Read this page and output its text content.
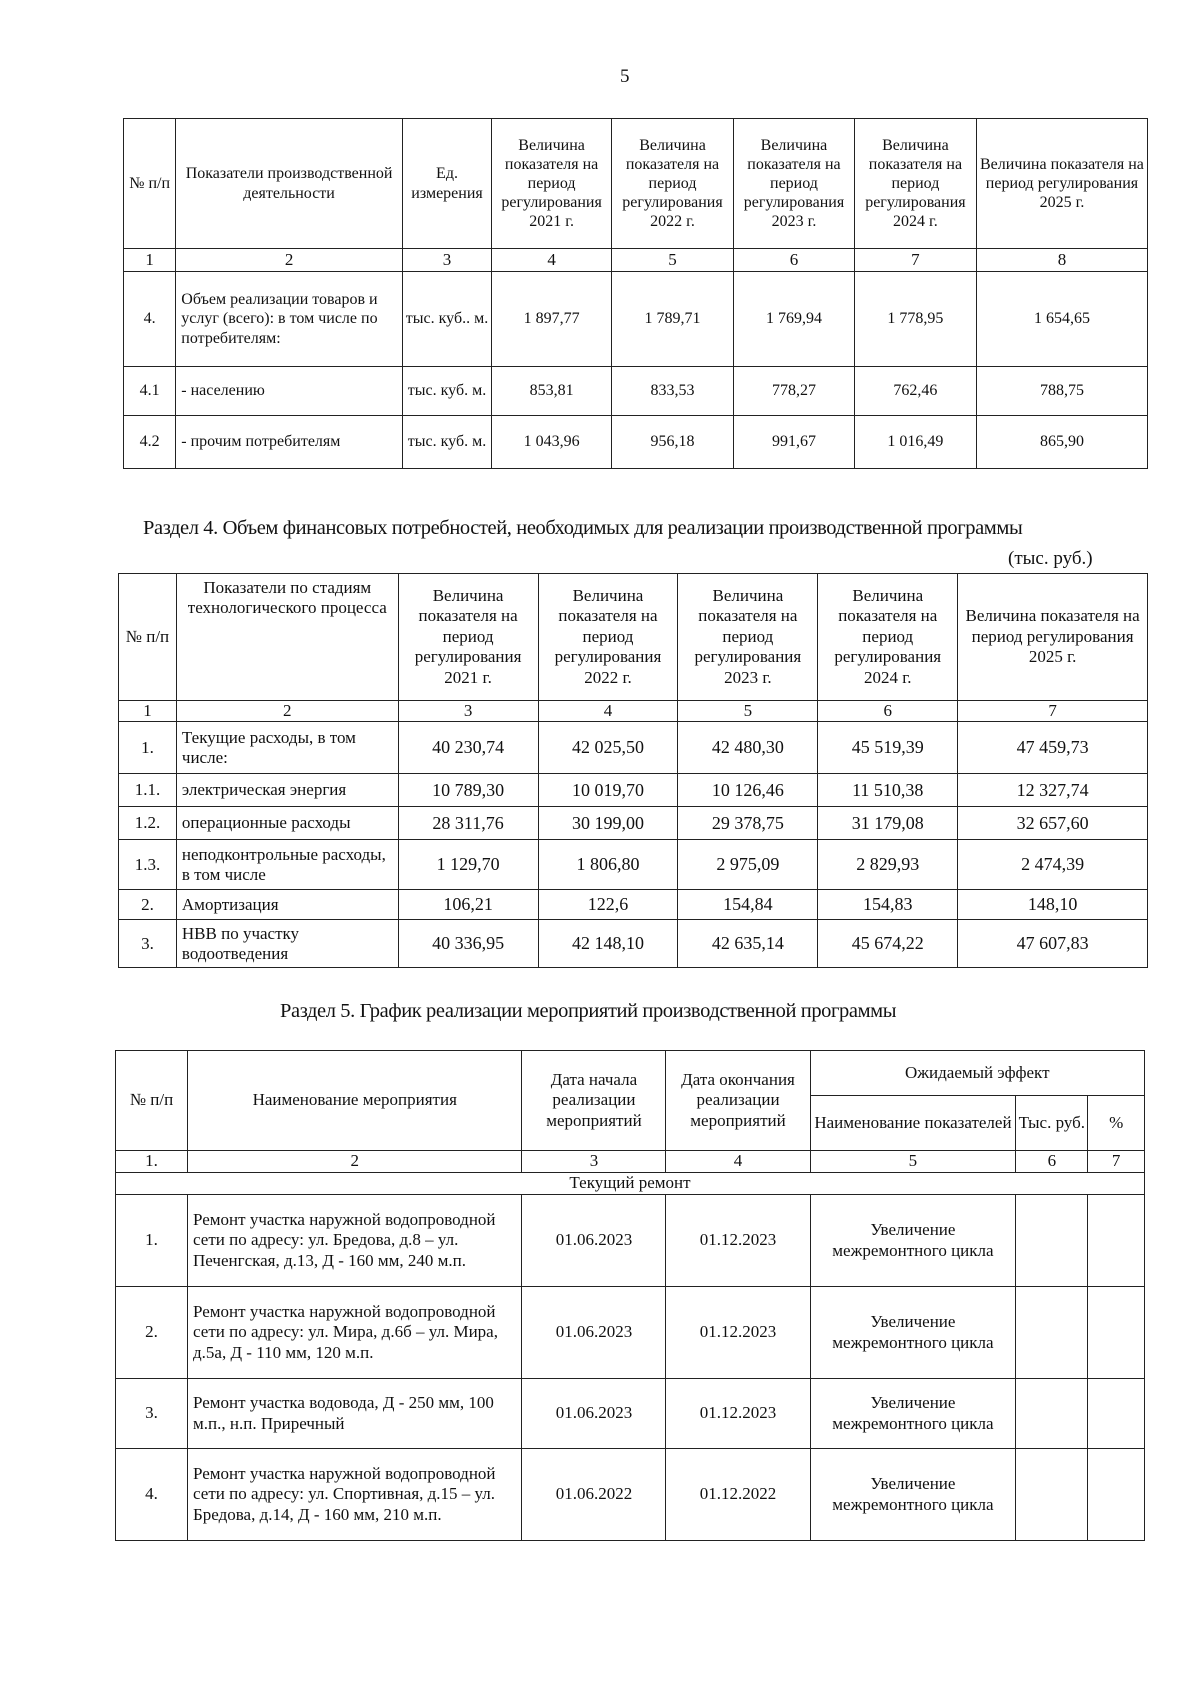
5
№ п/п	Показатели производственной деятельности	Ед. измерения	Величина показателя на период регулирования 2021 г.	Величина показателя на период регулирования 2022 г.	Величина показателя на период регулирования 2023 г.	Величина показателя на период регулирования 2024 г.	Величина показателя на период регулирования 2025 г.
1	2	3	4	5	6	7	8
4.	Объем реализации товаров и услуг (всего): в том числе по потребителям:	тыс. куб.. м.	1 897,77	1 789,71	1 769,94	1 778,95	1 654,65
4.1	- населению	тыс. куб. м.	853,81	833,53	778,27	762,46	788,75
4.2	- прочим потребителям	тыс. куб. м.	1 043,96	956,18	991,67	1 016,49	865,90
Раздел 4. Объем финансовых потребностей, необходимых для реализации производственной программы
(тыс. руб.)
№ п/п	Показатели по стадиям технологического процесса	Величина показателя на период регулирования 2021 г.	Величина показателя на период регулирования 2022 г.	Величина показателя на период регулирования 2023 г.	Величина показателя на период регулирования 2024 г.	Величина показателя на период регулирования 2025 г.
1	2	3	4	5	6	7
1.	Текущие расходы, в том числе:	40 230,74	42 025,50	42 480,30	45 519,39	47 459,73
1.1.	электрическая энергия	10 789,30	10 019,70	10 126,46	11 510,38	12 327,74
1.2.	операционные расходы	28 311,76	30 199,00	29 378,75	31 179,08	32 657,60
1.3.	неподконтрольные расходы, в том числе	1 129,70	1 806,80	2 975,09	2 829,93	2 474,39
2.	Амортизация	106,21	122,6	154,84	154,83	148,10
3.	НВВ по участку водоотведения	40 336,95	42 148,10	42 635,14	45 674,22	47 607,83
Раздел 5. График реализации мероприятий производственной программы
№ п/п	Наименование мероприятия	Дата начала реализации мероприятий	Дата окончания реализации мероприятий	Ожидаемый эффект		
				Наименование показателей	Тыс. руб.	%
1.	2	3	4	5	6	7
Текущий ремонт						
1.	Ремонт участка наружной водопроводной сети по адресу: ул. Бредова, д.8 – ул. Печенгская, д.13, Д - 160 мм, 240 м.п.	01.06.2023	01.12.2023	Увеличение межремонтного цикла		
2.	Ремонт участка наружной водопроводной сети по адресу: ул. Мира, д.6б – ул. Мира, д.5а, Д - 110 мм, 120 м.п.	01.06.2023	01.12.2023	Увеличение межремонтного цикла		
3.	Ремонт участка водовода, Д - 250 мм, 100 м.п., н.п. Приречный	01.06.2023	01.12.2023	Увеличение межремонтного цикла		
4.	Ремонт участка наружной водопроводной сети по адресу: ул. Спортивная, д.15 – ул. Бредова, д.14, Д - 160 мм, 210 м.п.	01.06.2022	01.12.2022	Увеличение межремонтного цикла		
